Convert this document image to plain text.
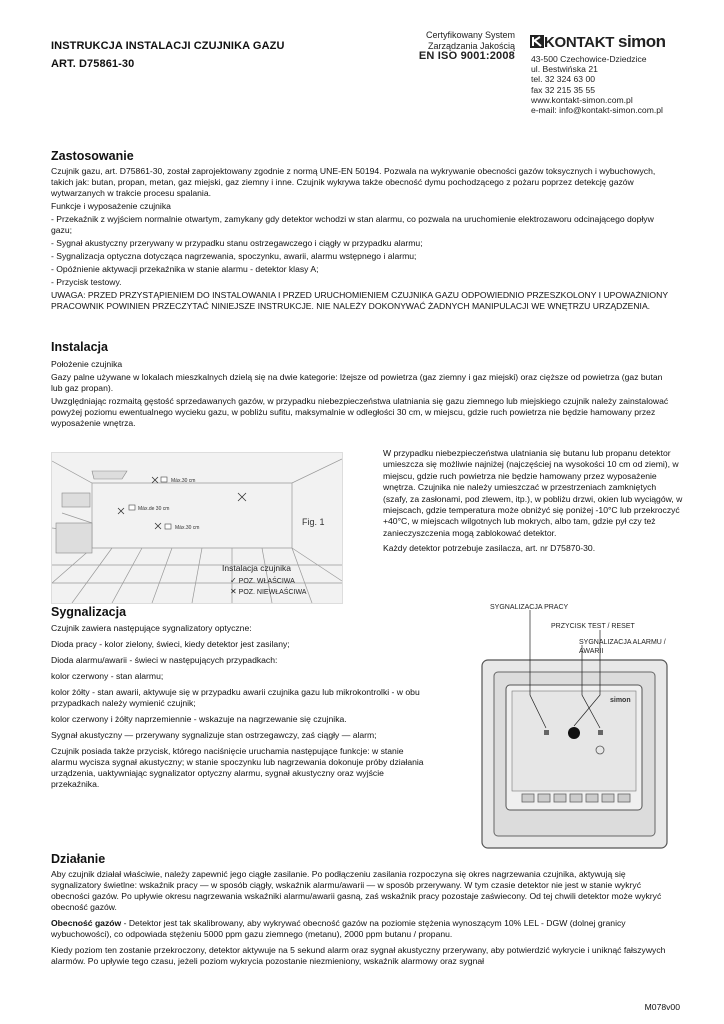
INSTRUKCJA INSTALACJI CZUJNIKA GAZU
ART. D75861-30
Certyfikowany System
Zarządzania Jakością
EN ISO 9001:2008
KONTAKT simon
43-500 Czechowice-Dziedzice
ul. Bestwińska 21
tel. 32 324 63 00
fax 32 215 35 55
www.kontakt-simon.com.pl
e-mail: info@kontakt-simon.com.pl
Zastosowanie

Czujnik gazu, art. D75861-30, został zaprojektowany zgodnie z normą UNE-EN 50194. Pozwala na wykrywanie obecności gazów toksycznych i wybuchowych, takich jak: butan, propan, metan, gaz miejski, gaz ziemny i inne. Czujnik wykrywa także obecność dymu pochodzącego z pożaru poprzez detekcję gazów wytwarzanych w trakcie procesu spalania.

Funkcje i wyposażenie czujnika

- Przekaźnik z wyjściem normalnie otwartym, zamykany gdy detektor wchodzi w stan alarmu, co pozwala na uruchomienie elektrozaworu odcinającego dopływ gazu;

- Sygnał akustyczny przerywany w przypadku stanu ostrzegawczego i ciągły w przypadku alarmu;

- Sygnalizacja optyczna dotycząca nagrzewania, spoczynku, awarii, alarmu wstępnego i alarmu;

- Opóźnienie aktywacji przekaźnika w stanie alarmu - detektor klasy A;

- Przycisk testowy.

UWAGA: PRZED PRZYSTĄPIENIEM DO INSTALOWANIA I PRZED URUCHOMIENIEM CZUJNIKA GAZU ODPOWIEDNIO PRZESZKOLONY I UPOWAŻNIONY PRACOWNIK POWINIEN PRZECZYTAĆ NINIEJSZE INSTRUKCJE. NIE NALEŻY DOKONYWAĆ ŻADNYCH MANIPULACJI WE WNĘTRZU URZĄDZENIA.

Instalacja

Położenie czujnika

Gazy palne używane w lokalach mieszkalnych dzielą się na dwie kategorie: lżejsze od powietrza (gaz ziemny i gaz miejski) oraz cięższe od powietrza (gaz butan lub gaz propan).

Uwzględniając rozmaitą gęstość sprzedawanych gazów, w przypadku niebezpieczeństwa ulatniania się gazu ziemnego lub miejskiego czujnik należy zainstalować powyżej poziomu ewentualnego wycieku gazu, w pobliżu sufitu, maksymalnie w odległości 30 cm, w miejscu, gdzie ruch powietrza nie będzie hamowany przez wyposażenie wnętrza.

Máx.30 cm
Máx.de 30 cm
Máx.30 cm
Fig. 1
Instalacja czujnika
✓ POZ. WŁAŚCIWA
✕ POZ. NIEWŁAŚCIWA

W przypadku niebezpieczeństwa ulatniania się butanu lub propanu detektor umieszcza się możliwie najniżej (najczęściej na wysokości 10 cm od ziemi), w miejscu, gdzie ruch powietrza nie będzie hamowany przez wyposażenie wnętrza. Czujnika nie należy umieszczać w przestrzeniach zamkniętych (szafy, za zasłonami, pod zlewem, itp.), w pobliżu drzwi, okien lub wyciągów, w miejscach, gdzie temperatura może obniżyć się poniżej -10°C lub przekroczyć +40°C, w miejscach wilgotnych lub mokrych, albo tam, gdzie pył czy też zanieczyszczenia mogą zablokować detektor.

Każdy detektor potrzebuje zasilacza, art. nr D75870-30.

Sygnalizacja

Czujnik zawiera następujące sygnalizatory optyczne:

Dioda pracy - kolor zielony, świeci, kiedy detektor jest zasilany;

Dioda alarmu/awarii - świeci w następujących przypadkach:

kolor czerwony - stan alarmu;

kolor żółty - stan awarii, aktywuje się w przypadku awarii czujnika gazu lub mikrokontrolki - w obu przypadkach należy wymienić czujnik;

kolor czerwony i żółty naprzemiennie - wskazuje na nagrzewanie się czujnika.

Sygnał akustyczny — przerywany sygnalizuje stan ostrzegawczy, zaś ciągły — alarm;

Czujnik posiada także przycisk, którego naciśnięcie uruchamia następujące funkcje: w stanie alarmu wycisza sygnał akustyczny; w stanie spoczynku lub nagrzewania dokonuje próby działania urządzenia, uaktywniając sygnalizator optyczny alarmu, sygnał akustyczny oraz wyjście przekaźnika.

simon
SYGNALIZACJA PRACY
PRZYCISK TEST / RESET
SYGNALIZACJA ALARMU / AWARII
Działanie

Aby czujnik działał właściwie, należy zapewnić jego ciągłe zasilanie. Po podłączeniu zasilania rozpoczyna się okres nagrzewania czujnika, aktywują się sygnalizatory świetlne: wskaźnik pracy — w sposób ciągły, wskaźnik alarmu/awarii — w sposób przerywany. W tym czasie detektor nie jest w stanie wykryć obecności gazów. Po upływie okresu nagrzewania wskaźniki alarmu/awarii gasną, zaś wskaźnik pracy pozostaje zaświecony. Od tej chwili detektor może wykryć obecność gazów.

Obecność gazów - Detektor jest tak skalibrowany, aby wykrywać obecność gazów na poziomie stężenia wynoszącym 10% LEL - DGW (dolnej granicy wybuchowości), co odpowiada stężeniu 5000 ppm gazu ziemnego (metanu), 2000 ppm butanu / propanu.

Kiedy poziom ten zostanie przekroczony, detektor aktywuje na 5 sekund alarm oraz sygnał akustyczny przerywany, aby potwierdzić wykrycie i uniknąć fałszywych alarmów. Po upływie tego czasu, jeżeli poziom wykrycia pozostanie niezmieniony, wskaźnik alarmowy oraz sygnał

M078v00
